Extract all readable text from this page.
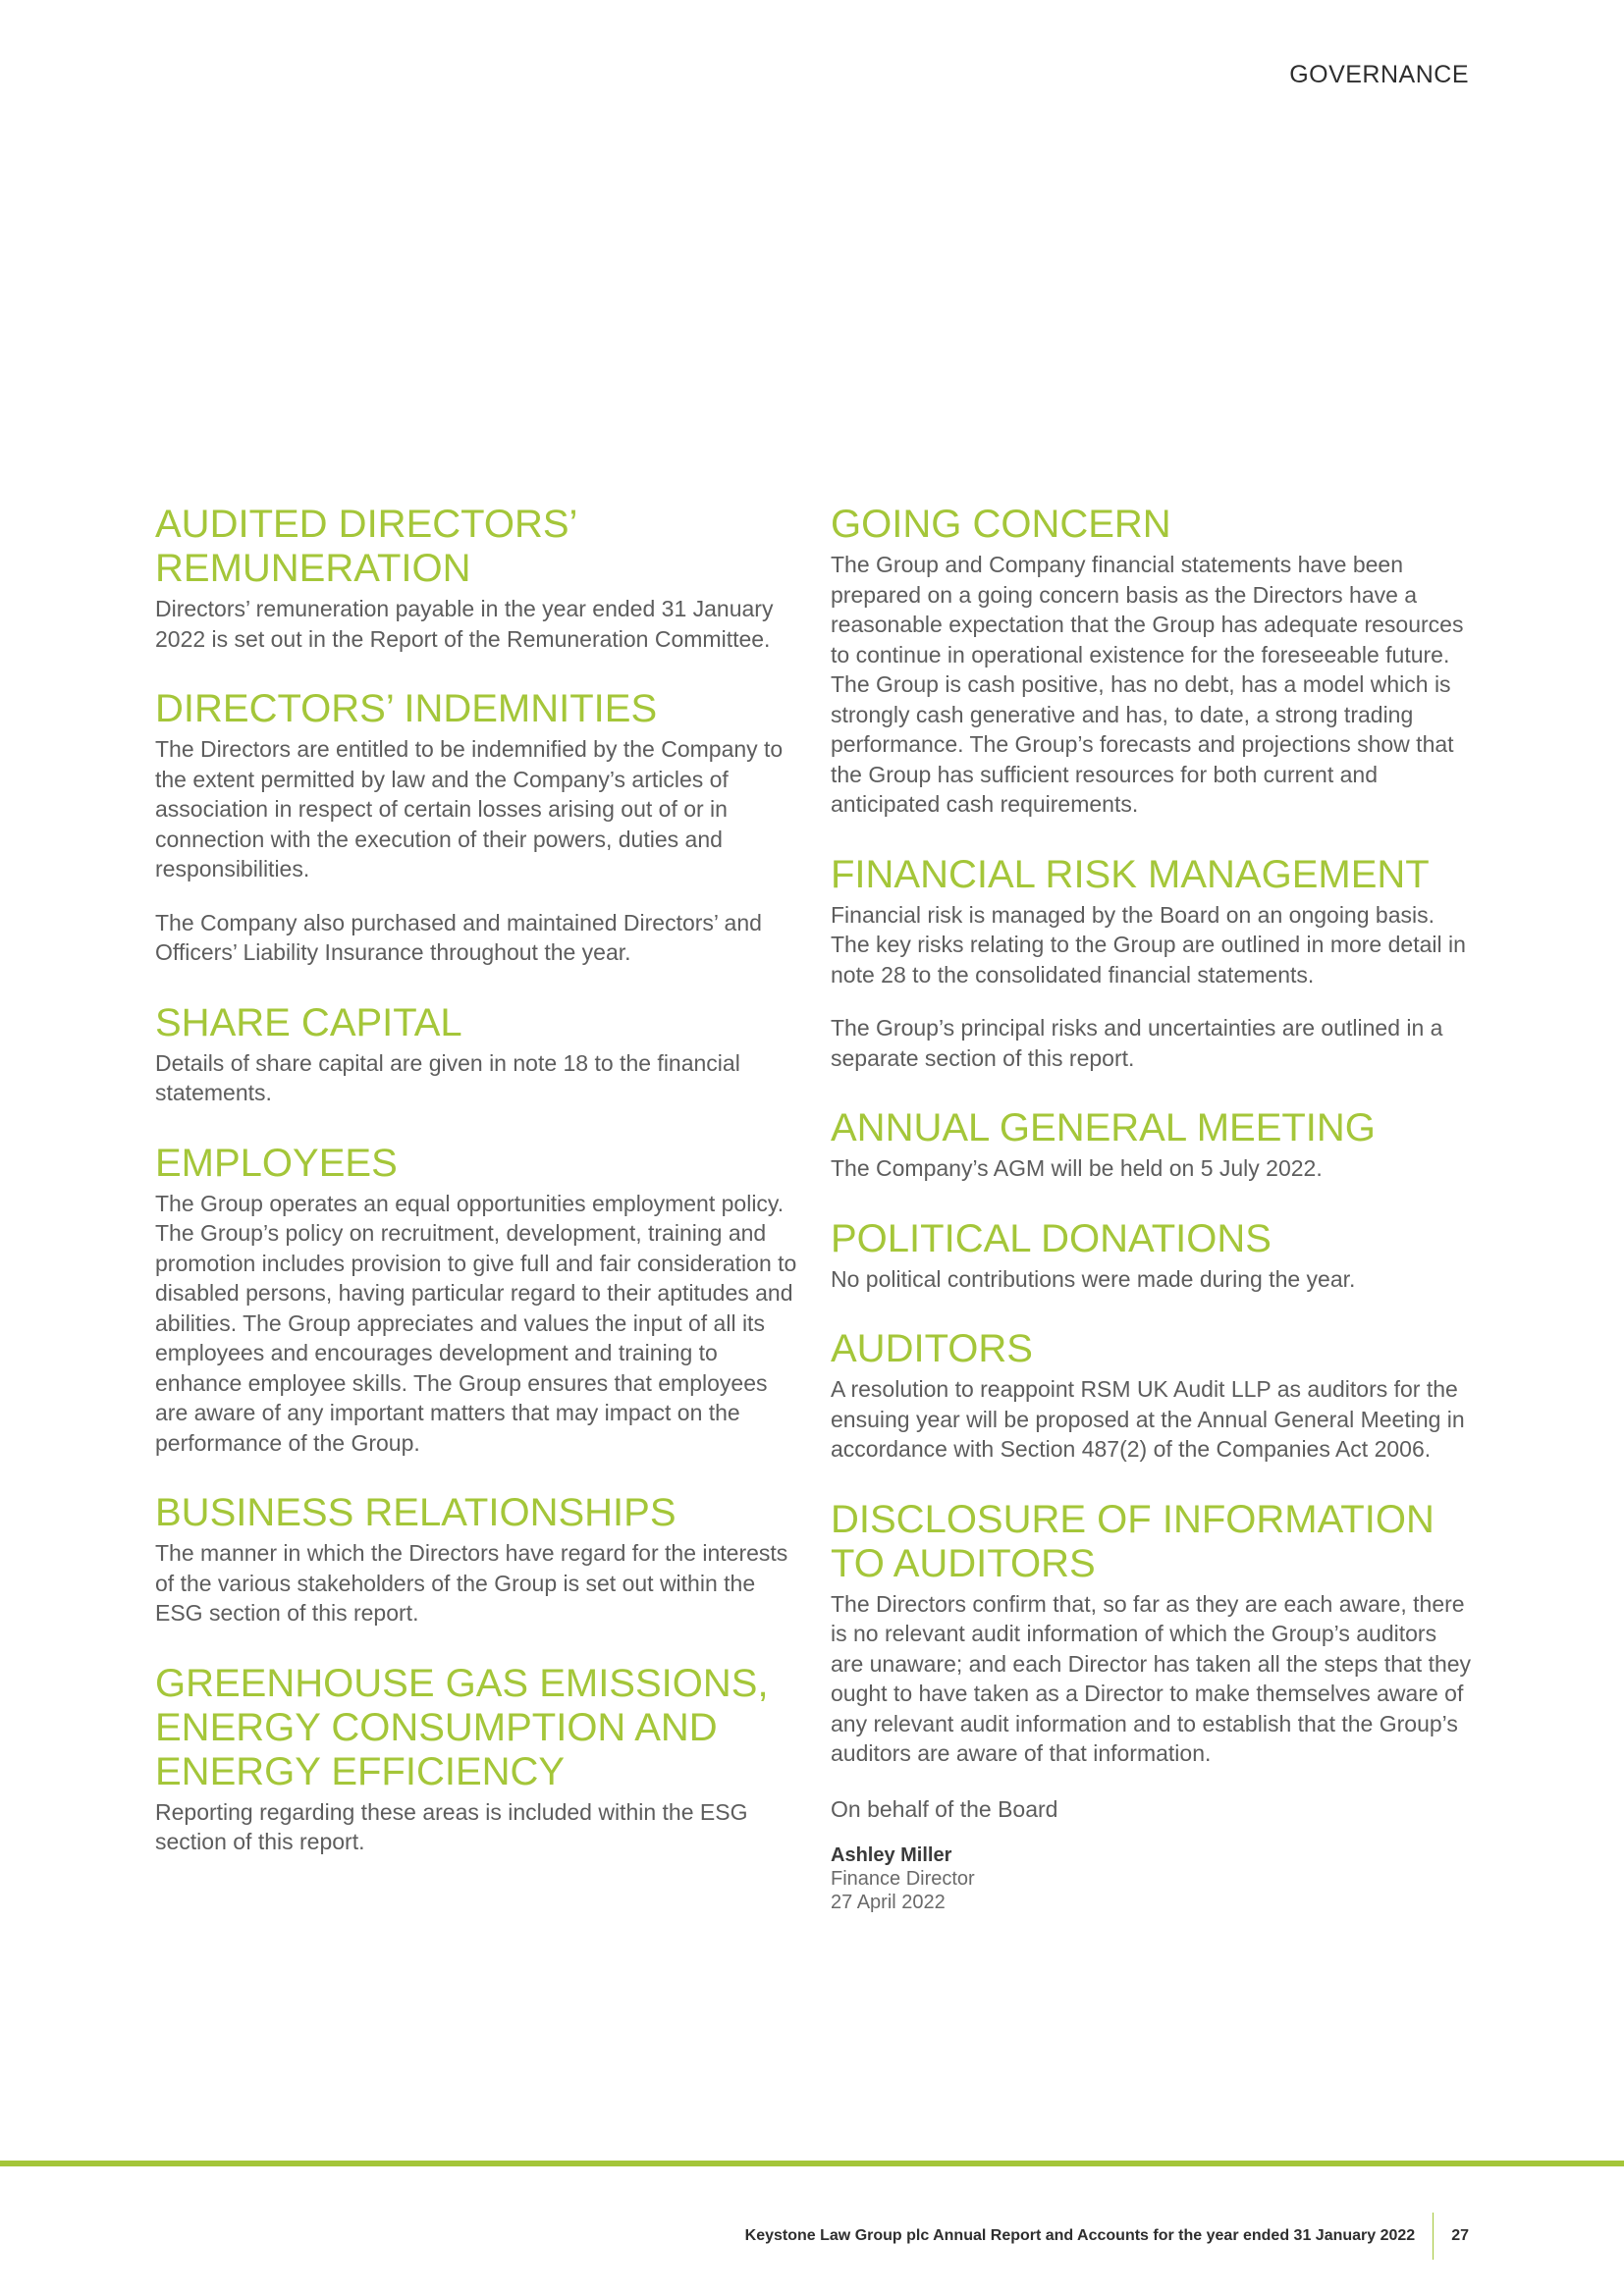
GOVERNANCE
AUDITED DIRECTORS’ REMUNERATION

Directors’ remuneration payable in the year ended 31 January 2022 is set out in the Report of the Remuneration Committee.

DIRECTORS’ INDEMNITIES

The Directors are entitled to be indemnified by the Company to the extent permitted by law and the Company’s articles of association in respect of certain losses arising out of or in connection with the execution of their powers, duties and responsibilities.

The Company also purchased and maintained Directors’ and Officers’ Liability Insurance throughout the year.

SHARE CAPITAL

Details of share capital are given in note 18 to the financial statements.

EMPLOYEES

The Group operates an equal opportunities employment policy. The Group’s policy on recruitment, development, training and promotion includes provision to give full and fair consideration to disabled persons, having particular regard to their aptitudes and abilities. The Group appreciates and values the input of all its employees and encourages development and training to enhance employee skills. The Group ensures that employees are aware of any important matters that may impact on the performance of the Group.

BUSINESS RELATIONSHIPS

The manner in which the Directors have regard for the interests of the various stakeholders of the Group is set out within the ESG section of this report.

GREENHOUSE GAS EMISSIONS, ENERGY CONSUMPTION AND ENERGY EFFICIENCY

Reporting regarding these areas is included within the ESG section of this report.

GOING CONCERN

The Group and Company financial statements have been prepared on a going concern basis as the Directors have a reasonable expectation that the Group has adequate resources to continue in operational existence for the foreseeable future. The Group is cash positive, has no debt, has a model which is strongly cash generative and has, to date, a strong trading performance. The Group’s forecasts and projections show that the Group has sufficient resources for both current and anticipated cash requirements.

FINANCIAL RISK MANAGEMENT

Financial risk is managed by the Board on an ongoing basis. The key risks relating to the Group are outlined in more detail in note 28 to the consolidated financial statements.

The Group’s principal risks and uncertainties are outlined in a separate section of this report.

ANNUAL GENERAL MEETING

The Company’s AGM will be held on 5 July 2022.

POLITICAL DONATIONS

No political contributions were made during the year.

AUDITORS

A resolution to reappoint RSM UK Audit LLP as auditors for the ensuing year will be proposed at the Annual General Meeting in accordance with Section 487(2) of the Companies Act 2006.

DISCLOSURE OF INFORMATION TO AUDITORS

The Directors confirm that, so far as they are each aware, there is no relevant audit information of which the Group’s auditors are unaware; and each Director has taken all the steps that they ought to have taken as a Director to make themselves aware of any relevant audit information and to establish that the Group’s auditors are aware of that information.

On behalf of the Board
Ashley Miller
Finance Director
27 April 2022
Keystone Law Group plc Annual Report and Accounts for the year ended 31 January 2022 27
